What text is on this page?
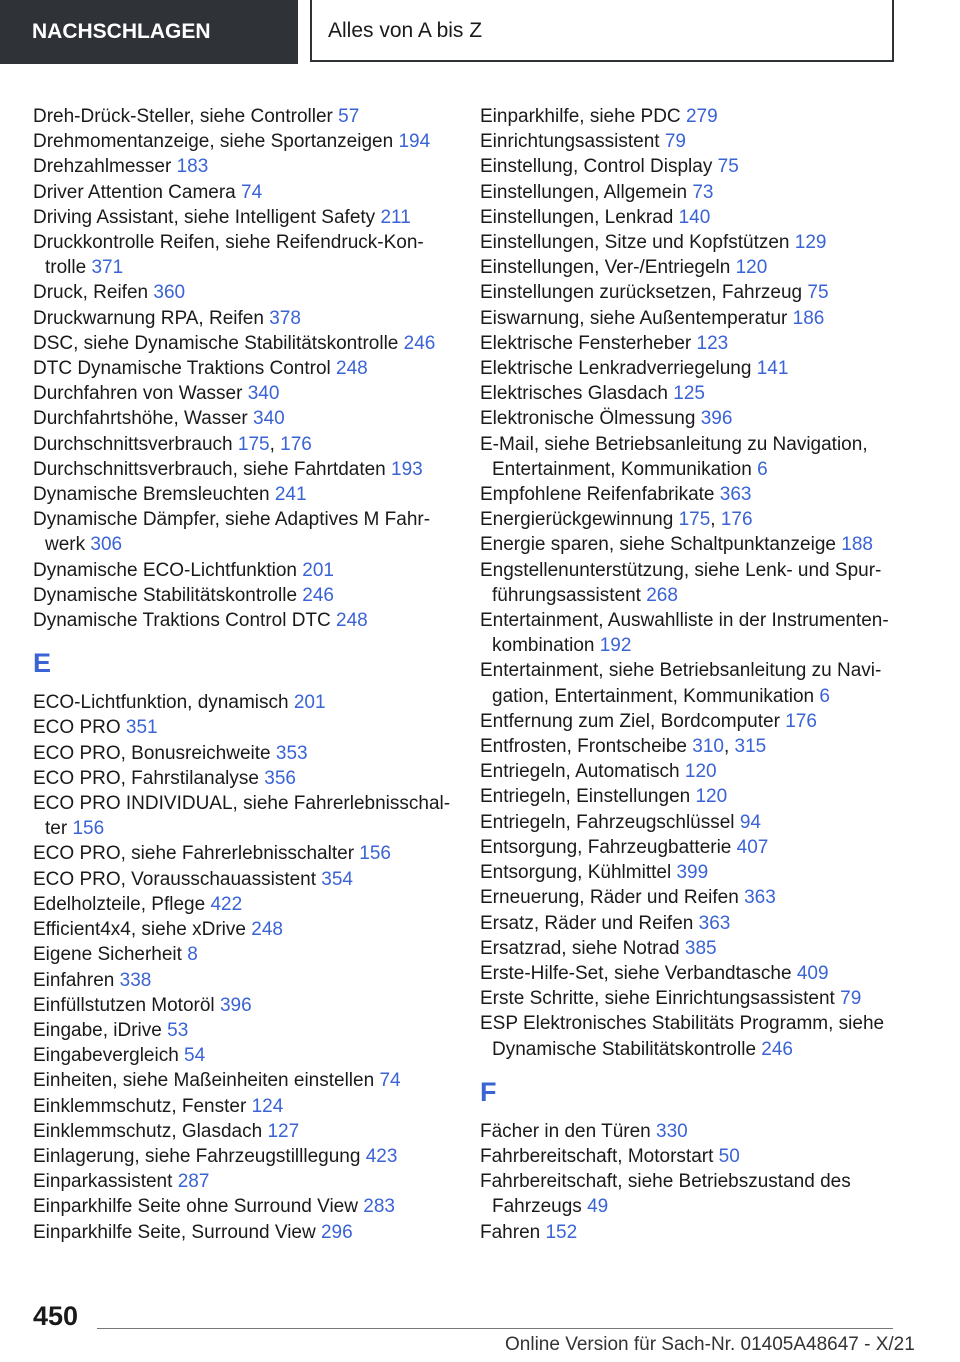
NACHSCHLAGEN	Alles von A bis Z

Dreh-Drück-Steller, siehe Controller 57

Drehmomentanzeige, siehe Sportanzeigen 194

Drehzahlmesser 183

Driver Attention Camera 74

Driving Assistant, siehe Intelligent Safety 211

Druckkontrolle Reifen, siehe Reifendruck-Kon-trolle 371

Druck, Reifen 360

Druckwarnung RPA, Reifen 378

DSC, siehe Dynamische Stabilitätskontrolle 246

DTC Dynamische Traktions Control 248

Durchfahren von Wasser 340

Durchfahrtshöhe, Wasser 340

Durchschnittsverbrauch 175, 176

Durchschnittsverbrauch, siehe Fahrtdaten 193

Dynamische Bremsleuchten 241

Dynamische Dämpfer, siehe Adaptives M Fahr-werk 306

Dynamische ECO-Lichtfunktion 201

Dynamische Stabilitätskontrolle 246

Dynamische Traktions Control DTC 248

E

ECO-Lichtfunktion, dynamisch 201

ECO PRO 351

ECO PRO, Bonusreichweite 353

ECO PRO, Fahrstilanalyse 356

ECO PRO INDIVIDUAL, siehe Fahrerlebnisschal-ter 156

ECO PRO, siehe Fahrerlebnisschalter 156

ECO PRO, Vorausschauassistent 354

Edelholzteile, Pflege 422

Efficient4x4, siehe xDrive 248

Eigene Sicherheit 8

Einfahren 338

Einfüllstutzen Motoröl 396

Eingabe, iDrive 53

Eingabevergleich 54

Einheiten, siehe Maßeinheiten einstellen 74

Einklemmschutz, Fenster 124

Einklemmschutz, Glasdach 127

Einlagerung, siehe Fahrzeugstilllegung 423

Einparkassistent 287

Einparkhilfe Seite ohne Surround View 283

Einparkhilfe Seite, Surround View 296

Einparkhilfe, siehe PDC 279

Einrichtungsassistent 79

Einstellung, Control Display 75

Einstellungen, Allgemein 73

Einstellungen, Lenkrad 140

Einstellungen, Sitze und Kopfstützen 129

Einstellungen, Ver-/Entriegeln 120

Einstellungen zurücksetzen, Fahrzeug 75

Eiswarnung, siehe Außentemperatur 186

Elektrische Fensterheber 123

Elektrische Lenkradverriegelung 141

Elektrisches Glasdach 125

Elektronische Ölmessung 396

E-Mail, siehe Betriebsanleitung zu Navigation, Entertainment, Kommunikation 6

Empfohlene Reifenfabrikate 363

Energierückgewinnung 175, 176

Energie sparen, siehe Schaltpunktanzeige 188

Engstellenunterstützung, siehe Lenk- und Spur-führungsassistent 268

Entertainment, Auswahlliste in der Instrumenten-kombination 192

Entertainment, siehe Betriebsanleitung zu Navi-gation, Entertainment, Kommunikation 6

Entfernung zum Ziel, Bordcomputer 176

Entfrosten, Frontscheibe 310, 315

Entriegeln, Automatisch 120

Entriegeln, Einstellungen 120

Entriegeln, Fahrzeugschlüssel 94

Entsorgung, Fahrzeugbatterie 407

Entsorgung, Kühlmittel 399

Erneuerung, Räder und Reifen 363

Ersatz, Räder und Reifen 363

Ersatzrad, siehe Notrad 385

Erste-Hilfe-Set, siehe Verbandtasche 409

Erste Schritte, siehe Einrichtungsassistent 79

ESP Elektronisches Stabilitäts Programm, siehe Dynamische Stabilitätskontrolle 246

F

Fächer in den Türen 330

Fahrbereitschaft, Motorstart 50

Fahrbereitschaft, siehe Betriebszustand des Fahrzeugs 49

Fahren 152

450
Online Version für Sach-Nr. 01405A48647 - X/21
